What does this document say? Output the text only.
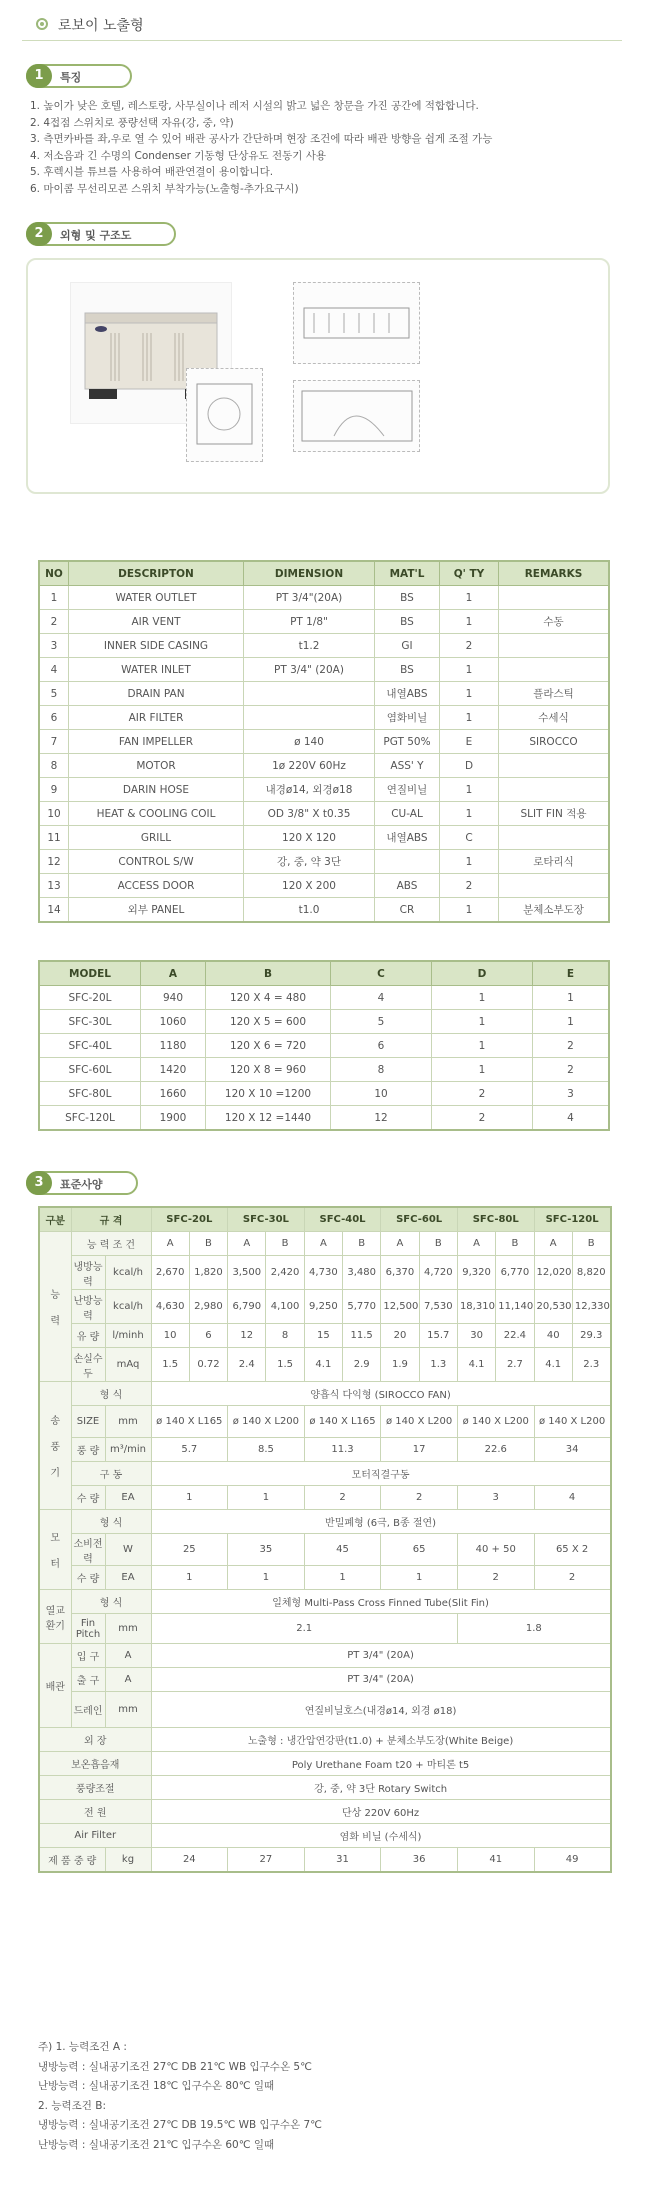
로보이 노출형
1	특징
1. 높이가 낮은 호텔, 레스토랑, 사무실이나 레저 시설의 밝고 넓은 창문을 가진 공간에 적합합니다.
2. 4접점 스위치로 풍량선택 자유(강, 중, 약)
3. 측면카바를 좌,우로 열 수 있어 배관 공사가 간단하며 현장 조건에 따라 배관 방향을 쉽게 조절 가능
4. 저소음과 긴 수명의 Condenser 기동형 단상유도 전동기 사용
5. 후렉시블 튜브를 사용하여 배관연결이 용이합니다.
6. 마이콤 무선리모콘 스위치 부착가능(노출형-추가요구시)
2	외형 및 구조도
NO	DESCRIPTON	DIMENSION	MAT'L	Q' TY	REMARKS
1	WATER OUTLET	PT 3/4"(20A)	BS	1	
2	AIR VENT	PT 1/8"	BS	1	수동
3	INNER SIDE CASING	t1.2	GI	2	
4	WATER INLET	PT 3/4" (20A)	BS	1	
5	DRAIN PAN		내열ABS	1	플라스틱
6	AIR FILTER		염화비닐	1	수세식
7	FAN IMPELLER	ø 140	PGT 50%	E	SIROCCO
8	MOTOR	1ø 220V 60Hz	ASS' Y	D	
9	DARIN HOSE	내경ø14, 외경ø18	연질비닐	1	
10	HEAT & COOLING COIL	OD 3/8" X t0.35	CU-AL	1	SLIT FIN 적용
11	GRILL	120 X 120	내열ABS	C	
12	CONTROL S/W	강, 중, 약 3단		1	로타리식
13	ACCESS DOOR	120 X 200	ABS	2	
14	외부 PANEL	t1.0	CR	1	분체소부도장
MODEL	A	B	C	D	E
SFC-20L	940	120 X 4 = 480	4	1	1
SFC-30L	1060	120 X 5 = 600	5	1	1
SFC-40L	1180	120 X 6 = 720	6	1	2
SFC-60L	1420	120 X 8 = 960	8	1	2
SFC-80L	1660	120 X 10 =1200	10	2	3
SFC-120L	1900	120 X 12 =1440	12	2	4
3	표준사양
구분	규 격		SFC-20L		SFC-30L		SFC-40L		SFC-60L		SFC-80L		SFC-120L	
능

력	능 력 조 건		A	B	A	B	A	B	A	B	A	B	A	B
	냉방능력	kcal/h	2,670	1,820	3,500	2,420	4,730	3,480	6,370	4,720	9,320	6,770	12,020	8,820
	난방능력	kcal/h	4,630	2,980	6,790	4,100	9,250	5,770	12,500	7,530	18,310	11,140	20,530	12,330
	유 량	l/minh	10	6	12	8	15	11.5	20	15.7	30	22.4	40	29.3
	손실수두	mAq	1.5	0.72	2.4	1.5	4.1	2.9	1.9	1.3	4.1	2.7	4.1	2.3
송

풍

기	형 식		양흡식 다익형 (SIROCCO FAN)											
	SIZE	mm	ø 140 X L165		ø 140 X L200		ø 140 X L165		ø 140 X L200		ø 140 X L200		ø 140 X L200	
	풍 량	m³/min	5.7		8.5		11.3		17		22.6		34	
	구 동		모터직결구동											
	수 량	EA	1		1		2		2		3		4	
모

터	형 식		반밀폐형 (6극, B종 절연)											
	소비전력	W	25		35		45		65		40 + 50		65 X 2	
	수 량	EA	1		1		1		1		2		2	
열교환기	형 식		일체형 Multi-Pass Cross Finned Tube(Slit Fin)											
	Fin Pitch	mm	2.1								1.8			
배관	입 구	A	PT 3/4" (20A)											
	출 구	A	PT 3/4" (20A)											
	드레인	mm	연질비닐호스(내경ø14, 외경 ø18)											
외 장			노출형 : 냉간압연강판(t1.0) + 분체소부도장(White Beige)											
보온흡음재			Poly Urethane Foam t20 + 마티론 t5											
풍량조절			강, 중, 약 3단 Rotary Switch											
전 원			단상 220V 60Hz											
Air Filter			염화 비닐 (수세식)											
제 품 중 량		kg	24		27		31		36		41		49	
주) 1. 능력조건 A :
냉방능력 : 실내공기조건 27℃ DB 21℃ WB 입구수온 5℃
난방능력 : 실내공기조건 18℃ 입구수온 80℃ 일때
2. 능력조건 B:
냉방능력 : 실내공기조건 27℃ DB 19.5℃ WB 입구수온 7℃
난방능력 : 실내공기조건 21℃ 입구수온 60℃ 일때
